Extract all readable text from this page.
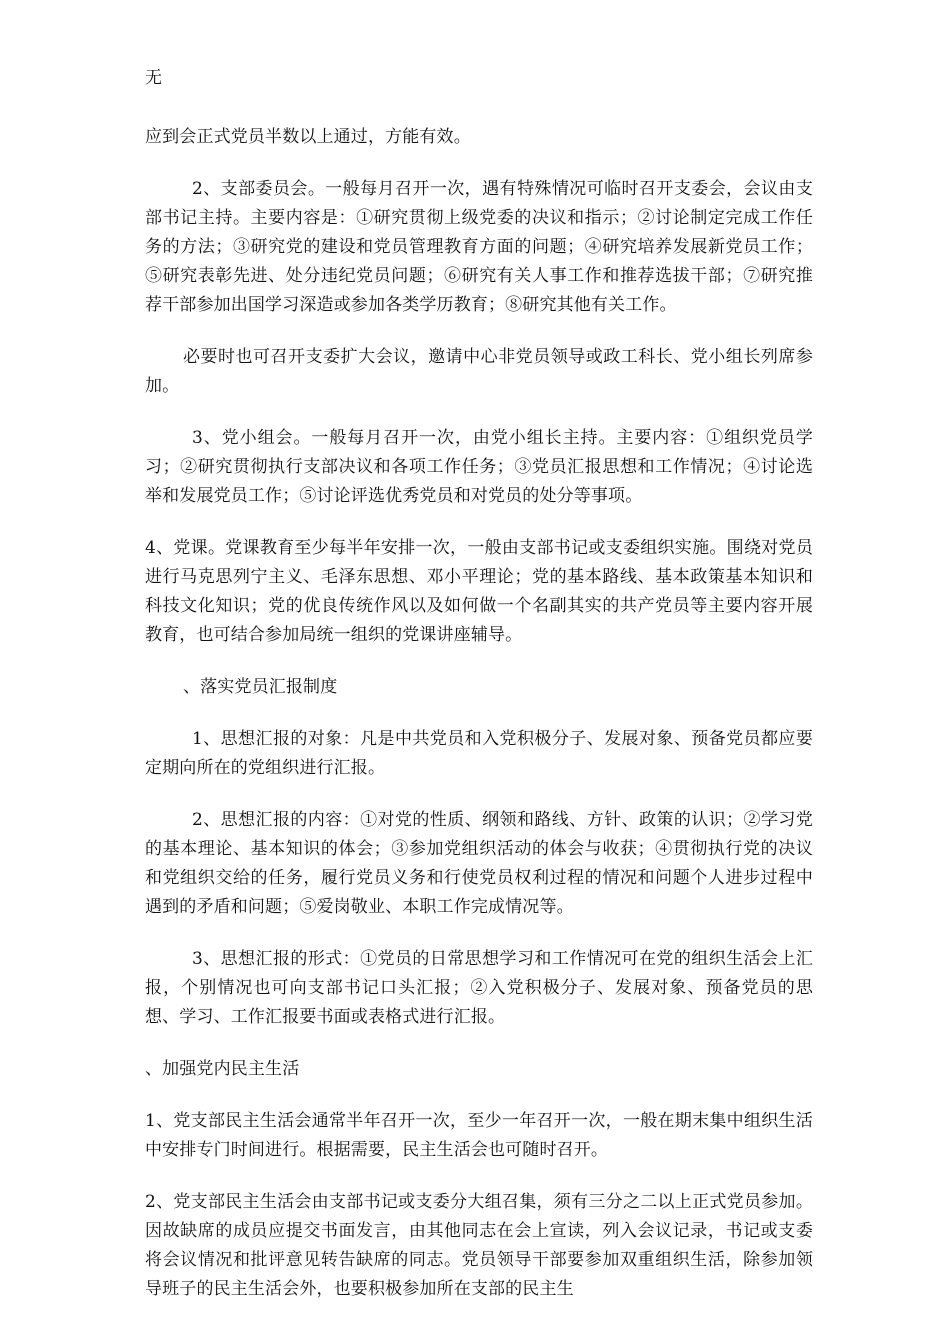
无

应到会正式党员半数以上通过，方能有效。

2、支部委员会。一般每月召开一次，遇有特殊情况可临时召开支委会，会议由支部书记主持。主要内容是：①研究贯彻上级党委的决议和指示；②讨论制定完成工作任务的方法；③研究党的建设和党员管理教育方面的问题；④研究培养发展新党员工作；⑤研究表彰先进、处分违纪党员问题；⑥研究有关人事工作和推荐选拔干部；⑦研究推荐干部参加出国学习深造或参加各类学历教育；⑧研究其他有关工作。

必要时也可召开支委扩大会议，邀请中心非党员领导或政工科长、党小组长列席参加。

3、党小组会。一般每月召开一次，由党小组长主持。主要内容：①组织党员学习；②研究贯彻执行支部决议和各项工作任务；③党员汇报思想和工作情况；④讨论选举和发展党员工作；⑤讨论评选优秀党员和对党员的处分等事项。

4、党课。党课教育至少每半年安排一次，一般由支部书记或支委组织实施。围绕对党员进行马克思列宁主义、毛泽东思想、邓小平理论；党的基本路线、基本政策基本知识和科技文化知识；党的优良传统作风以及如何做一个名副其实的共产党员等主要内容开展教育，也可结合参加局统一组织的党课讲座辅导。

、落实党员汇报制度

1、思想汇报的对象：凡是中共党员和入党积极分子、发展对象、预备党员都应要定期向所在的党组织进行汇报。

2、思想汇报的内容：①对党的性质、纲领和路线、方针、政策的认识；②学习党的基本理论、基本知识的体会；③参加党组织活动的体会与收获；④贯彻执行党的决议和党组织交给的任务，履行党员义务和行使党员权利过程的情况和问题个人进步过程中遇到的矛盾和问题；⑤爱岗敬业、本职工作完成情况等。

3、思想汇报的形式：①党员的日常思想学习和工作情况可在党的组织生活会上汇报，个别情况也可向支部书记口头汇报；②入党积极分子、发展对象、预备党员的思想、学习、工作汇报要书面或表格式进行汇报。

、加强党内民主生活

1、党支部民主生活会通常半年召开一次，至少一年召开一次，一般在期末集中组织生活中安排专门时间进行。根据需要，民主生活会也可随时召开。

2、党支部民主生活会由支部书记或支委分大组召集，须有三分之二以上正式党员参加。因故缺席的成员应提交书面发言，由其他同志在会上宣读，列入会议记录，书记或支委将会议情况和批评意见转告缺席的同志。党员领导干部要参加双重组织生活，除参加领导班子的民主生活会外，也要积极参加所在支部的民主生
